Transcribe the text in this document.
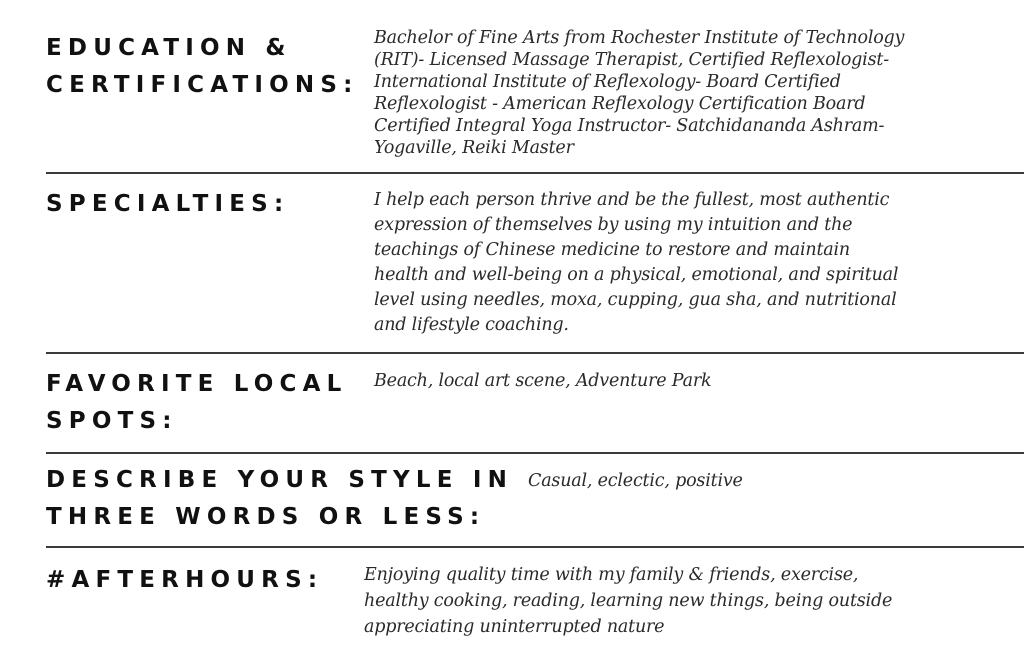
EDUCATION &
CERTIFICATIONS:
Bachelor of Fine Arts from Rochester Institute of Technology
(RIT)- Licensed Massage Therapist, Certified Reflexologist-
International Institute of Reflexology- Board Certified
Reflexologist - American Reflexology Certification Board
Certified Integral Yoga Instructor- Satchidananda Ashram-
Yogaville, Reiki Master
SPECIALTIES:	I help each person thrive and be the fullest, most authentic
expression of themselves by using my intuition and the
teachings of Chinese medicine to restore and maintain
health and well-being on a physical, emotional, and spiritual
level using needles, moxa, cupping, gua sha, and nutritional
and lifestyle coaching.
FAVORITE LOCAL
SPOTS:
Beach, local art scene, Adventure Park
DESCRIBE YOUR STYLE IN
THREE WORDS OR LESS:
Casual, eclectic, positive
#AFTERHOURS: Enjoying quality time with my family & friends, exercise,
healthy cooking, reading, learning new things, being outside
appreciating uninterrupted nature
